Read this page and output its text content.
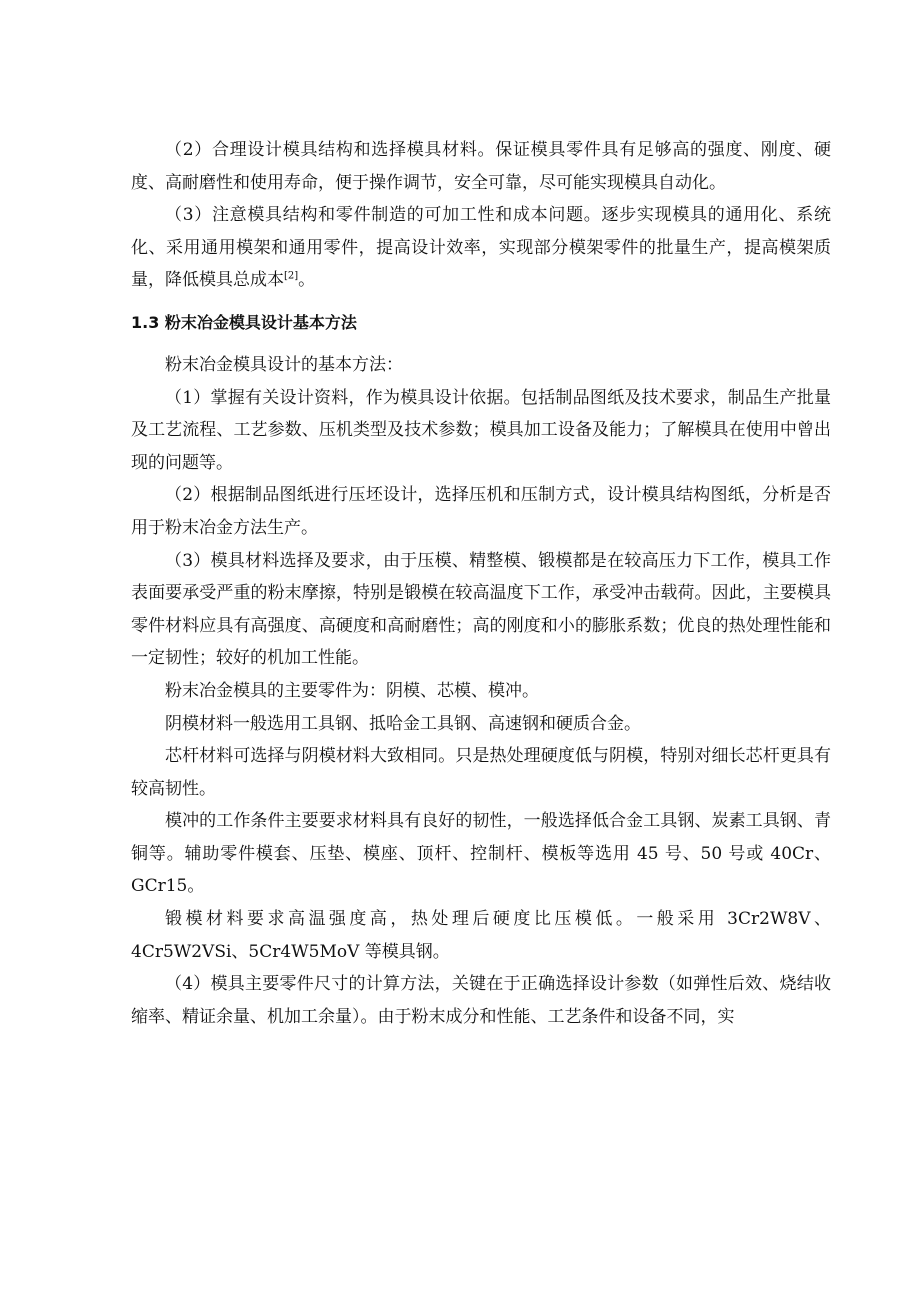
（2）合理设计模具结构和选择模具材料。保证模具零件具有足够高的强度、刚度、硬度、高耐磨性和使用寿命，便于操作调节，安全可靠，尽可能实现模具自动化。

（3）注意模具结构和零件制造的可加工性和成本问题。逐步实现模具的通用化、系统化、采用通用模架和通用零件，提高设计效率，实现部分模架零件的批量生产，提高模架质量，降低模具总成本[2]。

1.3 粉末冶金模具设计基本方法

粉末冶金模具设计的基本方法：

（1）掌握有关设计资料，作为模具设计依据。包括制品图纸及技术要求，制品生产批量及工艺流程、工艺参数、压机类型及技术参数；模具加工设备及能力；了解模具在使用中曾出现的问题等。

（2）根据制品图纸进行压坯设计，选择压机和压制方式，设计模具结构图纸，分析是否用于粉末冶金方法生产。

（3）模具材料选择及要求，由于压模、精整模、锻模都是在较高压力下工作，模具工作表面要承受严重的粉末摩擦，特别是锻模在较高温度下工作，承受冲击载荷。因此，主要模具零件材料应具有高强度、高硬度和高耐磨性；高的刚度和小的膨胀系数；优良的热处理性能和一定韧性；较好的机加工性能。

粉末冶金模具的主要零件为：阴模、芯模、模冲。

阴模材料一般选用工具钢、抵哈金工具钢、高速钢和硬质合金。

芯杆材料可选择与阴模材料大致相同。只是热处理硬度低与阴模，特别对细长芯杆更具有较高韧性。

模冲的工作条件主要要求材料具有良好的韧性，一般选择低合金工具钢、炭素工具钢、青铜等。辅助零件模套、压垫、模座、顶杆、控制杆、模板等选用 45 号、50 号或 40Cr、GCr15。

锻模材料要求高温强度高，热处理后硬度比压模低。一般采用 3Cr2W8V、4Cr5W2VSi、5Cr4W5MoV 等模具钢。

（4）模具主要零件尺寸的计算方法，关键在于正确选择设计参数（如弹性后效、烧结收缩率、精证余量、机加工余量）。由于粉末成分和性能、工艺条件和设备不同，实
